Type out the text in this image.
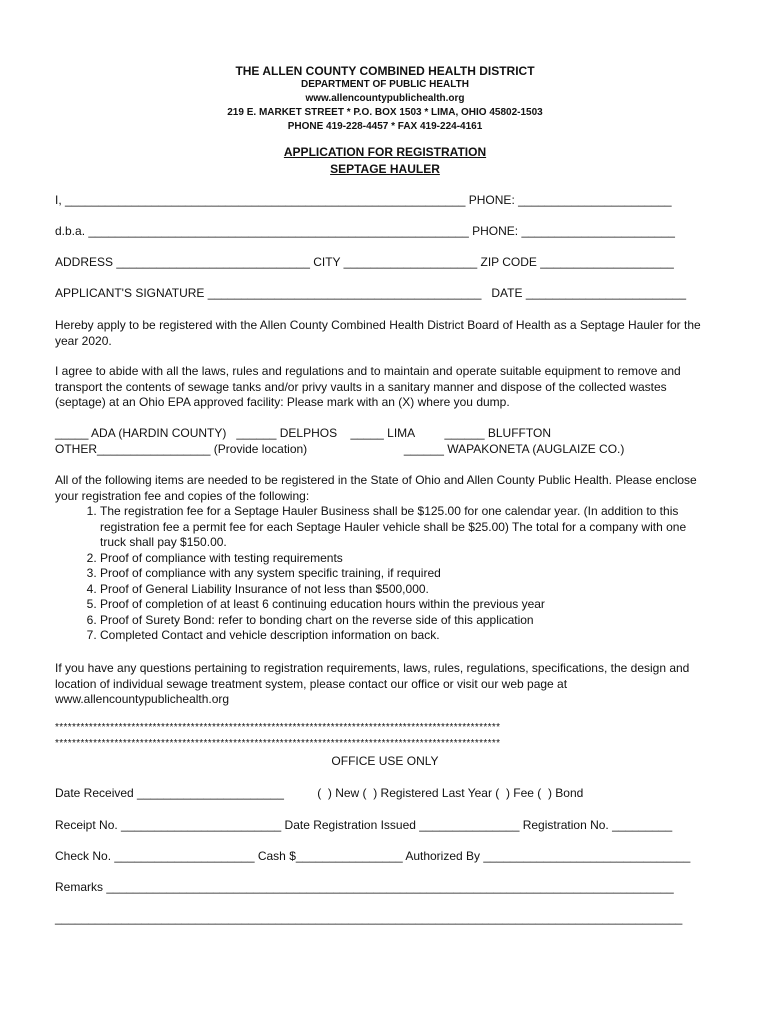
THE ALLEN COUNTY COMBINED HEALTH DISTRICT
DEPARTMENT OF PUBLIC HEALTH
www.allencountypublichealth.org
219 E. MARKET STREET * P.O. BOX 1503 * LIMA, OHIO 45802-1503
PHONE 419-228-4457 * FAX 419-224-4161
APPLICATION FOR REGISTRATION
SEPTAGE HAULER
I, ____________________________________________________________ PHONE: _______________________
d.b.a. _________________________________________________________ PHONE: _______________________
ADDRESS _____________________________ CITY ____________________ ZIP CODE ____________________
APPLICANT'S SIGNATURE _________________________________________   DATE ________________________

Hereby apply to be registered with the Allen County Combined Health District Board of Health as a Septage Hauler for the year 2020.

I agree to abide with all the laws, rules and regulations and to maintain and operate suitable equipment to remove and transport the contents of sewage tanks and/or privy vaults in a sanitary manner and dispose of the collected wastes (septage) at an Ohio EPA approved facility: Please mark with an (X) where you dump.

_____ ADA (HARDIN COUNTY)   ______ DELPHOS    _____ LIMA         ______ BLUFFTON
OTHER_________________ (Provide location)                             ______ WAPAKONETA (AUGLAIZE CO.)

All of the following items are needed to be registered in the State of Ohio and Allen County Public Health. Please enclose your registration fee and copies of the following:

1. The registration fee for a Septage Hauler Business shall be $125.00 for one calendar year. (In addition to this registration fee a permit fee for each Septage Hauler vehicle shall be $25.00) The total for a company with one truck shall pay $150.00.
2. Proof of compliance with testing requirements
3. Proof of compliance with any system specific training, if required
4. Proof of General Liability Insurance of not less than $500,000.
5. Proof of completion of at least 6 continuing education hours within the previous year
6. Proof of Surety Bond: refer to bonding chart on the reverse side of this application
7. Completed Contact and vehicle description information on back.

If you have any questions pertaining to registration requirements, laws, rules, regulations, specifications, the design and location of individual sewage treatment system, please contact our office or visit our web page at www.allencountypublichealth.org

*********************************************************************************************************
*********************************************************************************************************
OFFICE USE ONLY
Date Received ______________________          (  ) New (  ) Registered Last Year (  ) Fee (  ) Bond
Receipt No. ________________________ Date Registration Issued _______________ Registration No. _________
Check No. _____________________ Cash $________________ Authorized By _______________________________
Remarks _____________________________________________________________________________________
______________________________________________________________________________________________
